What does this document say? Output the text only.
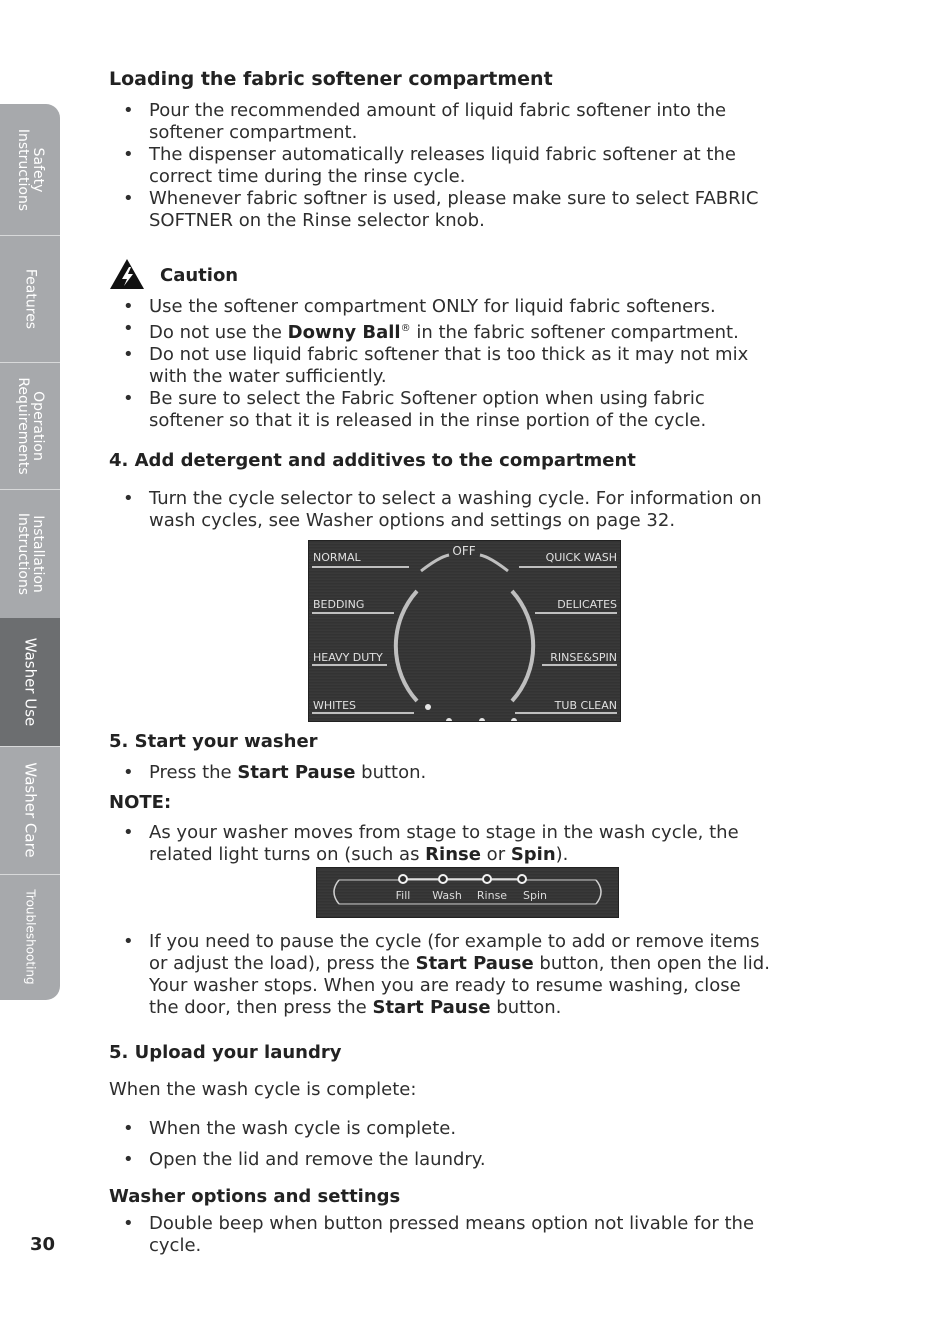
Safety
Instructions
Features
Operation
Requirements
Installation
Instructions
Washer Use
Washer Care
Troubleshooting
Loading the fabric softener compartment
• Pour the recommended amount of liquid fabric softener into the
softener compartment.
• The dispenser automatically releases liquid fabric softener at the
correct time during the rinse cycle.
• Whenever fabric softner is used, please make sure to select FABRIC
SOFTNER on the Rinse selector knob.
Caution
• Use the softener compartment ONLY for liquid fabric softeners.
• Do not use the Downy Ball® in the fabric softener compartment.
• Do not use liquid fabric softener that is too thick as it may not mix
with the water sufficiently.
• Be sure to select the Fabric Softener option when using fabric
softener so that it is released in the rinse portion of the cycle.
4. Add detergent and additives to the compartment
• Turn the cycle selector to select a washing cycle. For information on
wash cycles, see Washer options and settings on page 32.
OFF
NORMAL
BEDDING
HEAVY DUTY
WHITES
QUICK WASH
DELICATES
RINSE&SPIN
TUB CLEAN
5. Start your washer
• Press the Start Pause button.
NOTE:
• As your washer moves from stage to stage in the wash cycle, the
related light turns on (such as Rinse or Spin).
Fill Wash Rinse Spin
• If you need to pause the cycle (for example to add or remove items
or adjust the load), press the Start Pause button, then open the lid.
Your washer stops. When you are ready to resume washing, close
the door, then press the Start Pause button.
5. Upload your laundry
When the wash cycle is complete:
• When the wash cycle is complete.
• Open the lid and remove the laundry.
Washer options and settings
• Double beep when button pressed means option not livable for the
cycle.
30
